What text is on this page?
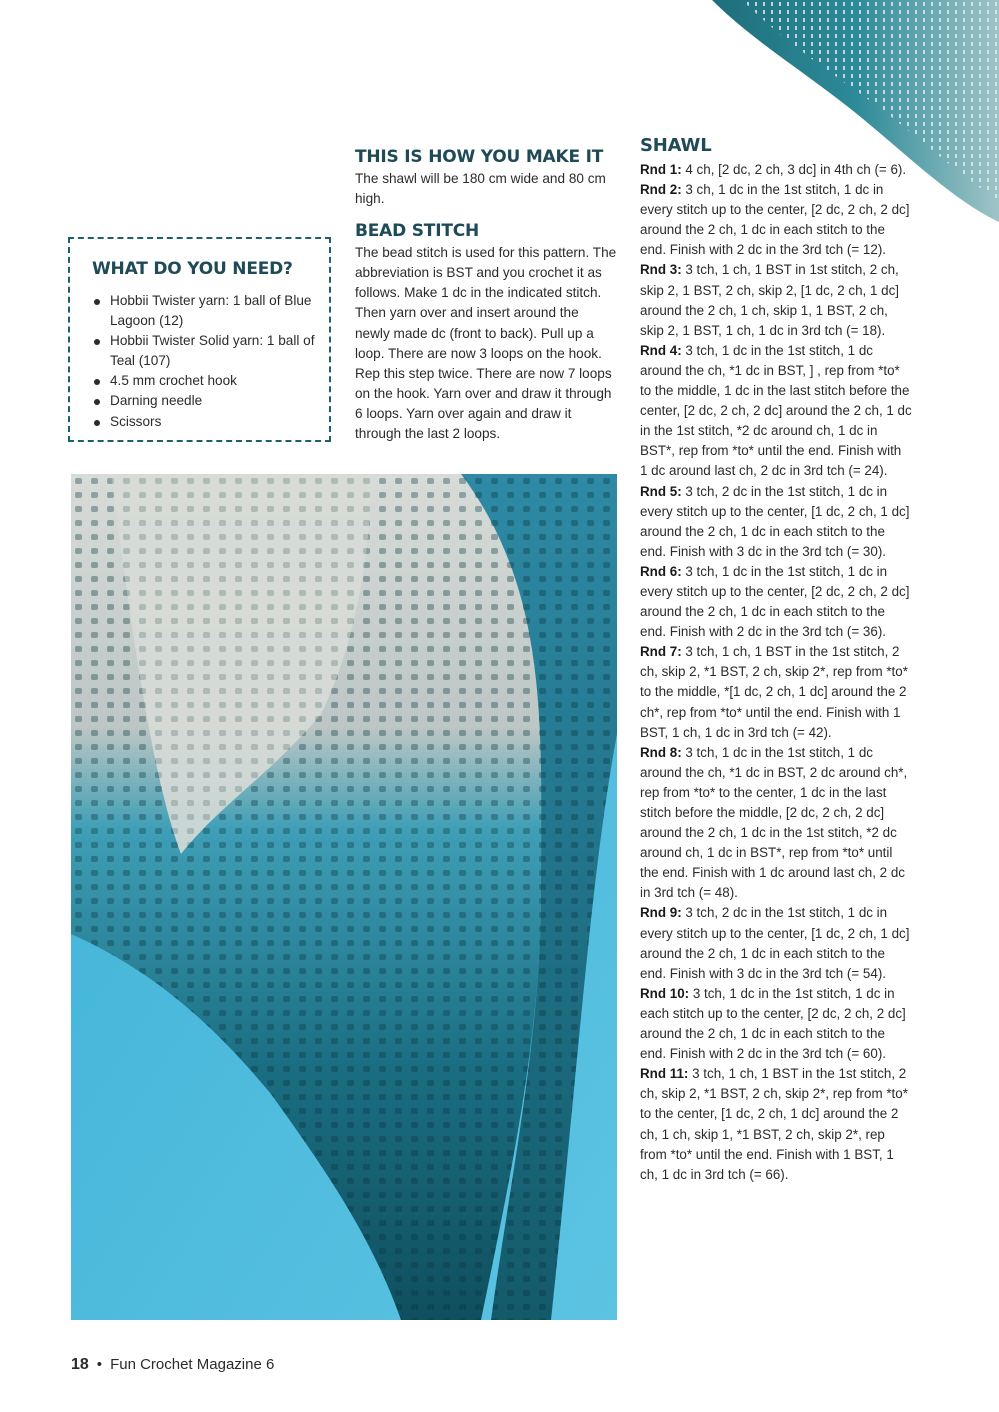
THIS IS HOW YOU MAKE IT

The shawl will be 180 cm wide and 80 cm high.

BEAD STITCH

The bead stitch is used for this pattern. The abbreviation is BST and you crochet it as follows. Make 1 dc in the indicated stitch. Then yarn over and insert around the newly made dc (front to back). Pull up a loop. There are now 3 loops on the hook. Rep this step twice. There are now 7 loops on the hook. Yarn over and draw it through 6 loops. Yarn over again and draw it through the last 2 loops.

WHAT DO YOU NEED?
Hobbii Twister yarn: 1 ball of Blue Lagoon (12)
Hobbii Twister Solid yarn: 1 ball of Teal (107)
4.5 mm crochet hook
Darning needle
Scissors
SHAWL

Rnd 1: 4 ch, [2 dc, 2 ch, 3 dc] in 4th ch (= 6).

Rnd 2: 3 ch, 1 dc in the 1st stitch, 1 dc in every stitch up to the center, [2 dc, 2 ch, 2 dc] around the 2 ch, 1 dc in each stitch to the end. Finish with 2 dc in the 3rd tch (= 12).

Rnd 3: 3 tch, 1 ch, 1 BST in 1st stitch, 2 ch, skip 2, 1 BST, 2 ch, skip 2, [1 dc, 2 ch, 1 dc] around the 2 ch, 1 ch, skip 1, 1 BST, 2 ch, skip 2, 1 BST, 1 ch, 1 dc in 3rd tch (= 18).

Rnd 4: 3 tch, 1 dc in the 1st stitch, 1 dc around the ch, *1 dc in BST, ] , rep from *to* to the middle, 1 dc in the last stitch before the center, [2 dc, 2 ch, 2 dc] around the 2 ch, 1 dc in the 1st stitch, *2 dc around ch, 1 dc in BST*, rep from *to* until the end. Finish with 1 dc around last ch, 2 dc in 3rd tch (= 24).

Rnd 5: 3 tch, 2 dc in the 1st stitch, 1 dc in every stitch up to the center, [1 dc, 2 ch, 1 dc] around the 2 ch, 1 dc in each stitch to the end. Finish with 3 dc in the 3rd tch (= 30).

Rnd 6: 3 tch, 1 dc in the 1st stitch, 1 dc in every stitch up to the center, [2 dc, 2 ch, 2 dc] around the 2 ch, 1 dc in each stitch to the end. Finish with 2 dc in the 3rd tch (= 36).

Rnd 7: 3 tch, 1 ch, 1 BST in the 1st stitch, 2 ch, skip 2, *1 BST, 2 ch, skip 2*, rep from *to* to the middle, *[1 dc, 2 ch, 1 dc] around the 2 ch*, rep from *to* until the end. Finish with 1 BST, 1 ch, 1 dc in 3rd tch (= 42).

Rnd 8: 3 tch, 1 dc in the 1st stitch, 1 dc around the ch, *1 dc in BST, 2 dc around ch*, rep from *to* to the center, 1 dc in the last stitch before the middle, [2 dc, 2 ch, 2 dc] around the 2 ch, 1 dc in the 1st stitch, *2 dc around ch, 1 dc in BST*, rep from *to* until the end. Finish with 1 dc around last ch, 2 dc in 3rd tch (= 48).

Rnd 9: 3 tch, 2 dc in the 1st stitch, 1 dc in every stitch up to the center, [1 dc, 2 ch, 1 dc] around the 2 ch, 1 dc in each stitch to the end. Finish with 3 dc in the 3rd tch (= 54).

Rnd 10: 3 tch, 1 dc in the 1st stitch, 1 dc in each stitch up to the center, [2 dc, 2 ch, 2 dc] around the 2 ch, 1 dc in each stitch to the end. Finish with 2 dc in the 3rd tch (= 60).

Rnd 11: 3 tch, 1 ch, 1 BST in the 1st stitch, 2 ch, skip 2, *1 BST, 2 ch, skip 2*, rep from *to* to the center, [1 dc, 2 ch, 1 dc] around the 2 ch, 1 ch, skip 1, *1 BST, 2 ch, skip 2*, rep from *to* until the end. Finish with 1 BST, 1 ch, 1 dc in 3rd tch (= 66).

18 • Fun Crochet Magazine 6
